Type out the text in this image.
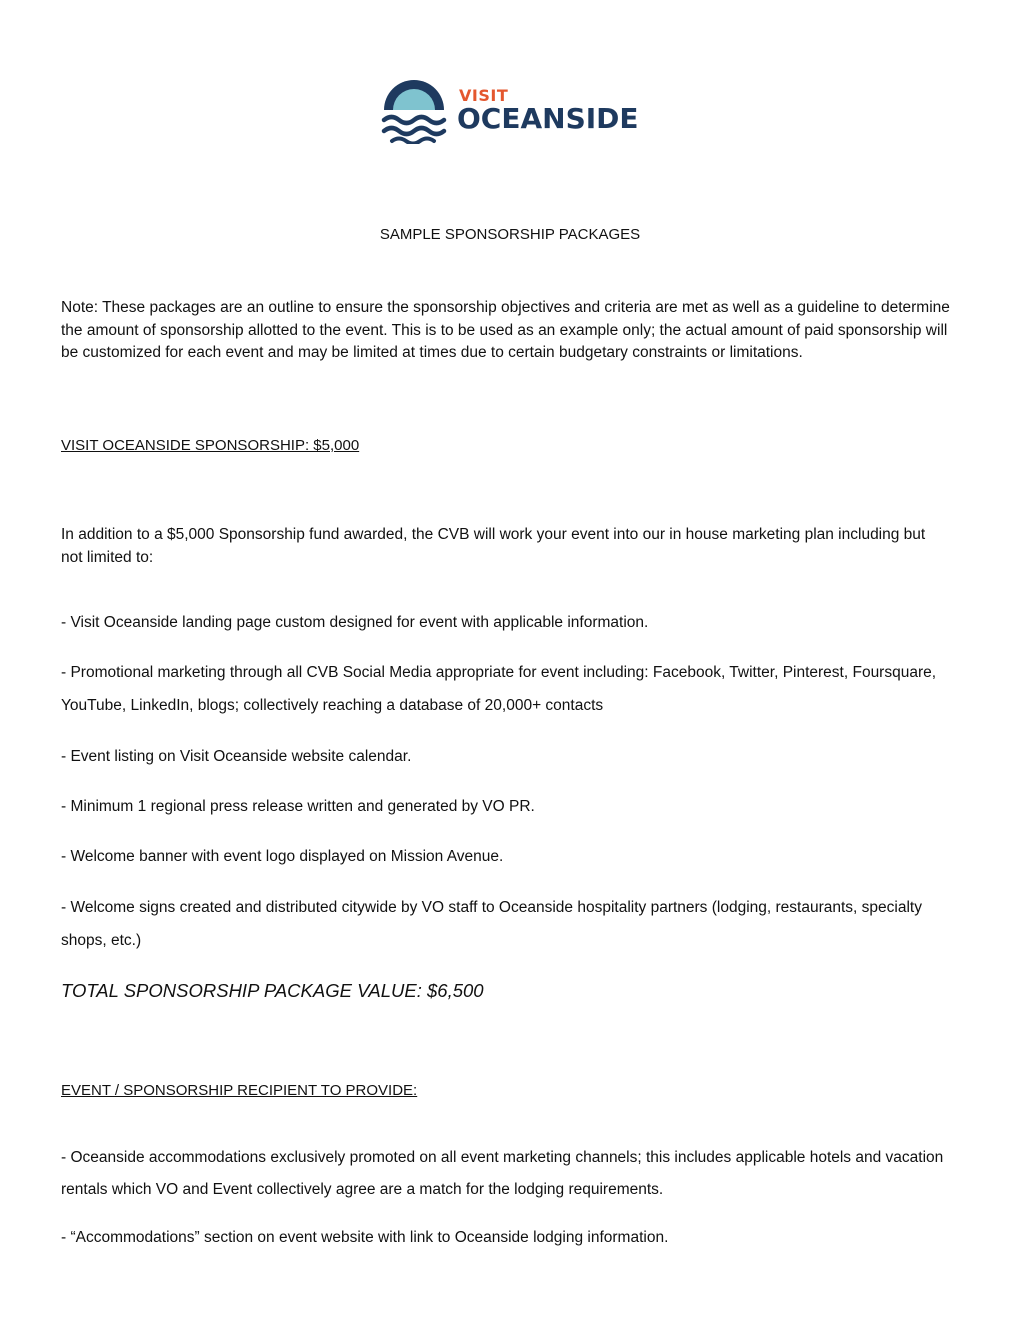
VISIT
OCEANSIDE
SAMPLE SPONSORSHIP PACKAGES
Note: These packages are an outline to ensure the sponsorship objectives and criteria are met as well as a guideline to determine the amount of sponsorship allotted to the event. This is to be used as an example only; the actual amount of paid sponsorship will be customized for each event and may be limited at times due to certain budgetary constraints or limitations.
VISIT OCEANSIDE SPONSORSHIP: $5,000
In addition to a $5,000 Sponsorship fund awarded, the CVB will work your event into our in house marketing plan including but not limited to:
- Visit Oceanside landing page custom designed for event with applicable information.
- Promotional marketing through all CVB Social Media appropriate for event including: Facebook, Twitter, Pinterest, Foursquare, YouTube, LinkedIn, blogs; collectively reaching a database of 20,000+ contacts
- Event listing on Visit Oceanside website calendar.
- Minimum 1 regional press release written and generated by VO PR.
- Welcome banner with event logo displayed on Mission Avenue.
- Welcome signs created and distributed citywide by VO staff to Oceanside hospitality partners (lodging, restaurants, specialty shops, etc.)
TOTAL SPONSORSHIP PACKAGE VALUE: $6,500
EVENT / SPONSORSHIP RECIPIENT TO PROVIDE:
- Oceanside accommodations exclusively promoted on all event marketing channels; this includes applicable hotels and vacation rentals which VO and Event collectively agree are a match for the lodging requirements.
- “Accommodations” section on event website with link to Oceanside lodging information.
